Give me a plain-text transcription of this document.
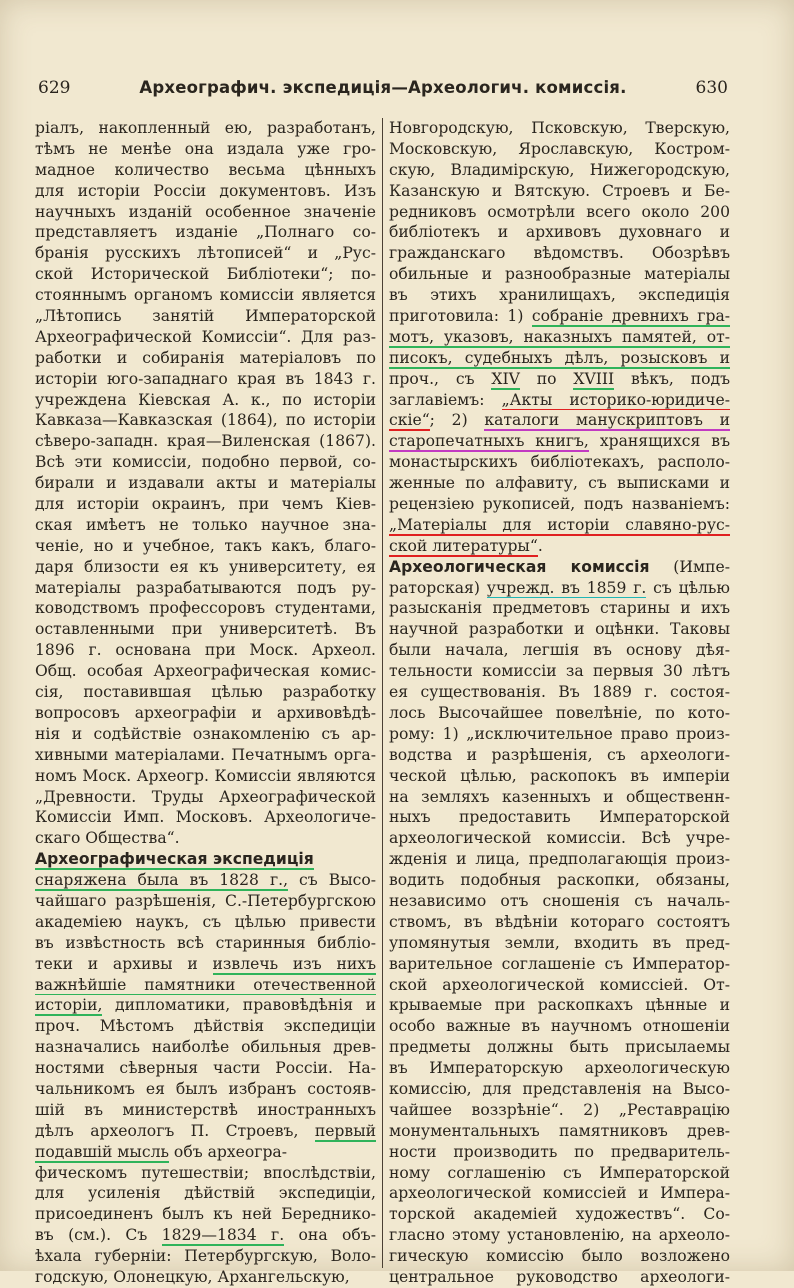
629	Археографич. экспедиція—Археологич. комиссія.	630
ріалъ, накопленный ею, разработанъ,
тѣмъ не менѣе она издала уже гро-
мадное количество весьма цѣнныхъ
для исторіи Россіи документовъ. Изъ
научныхъ изданій особенное значеніе
представляетъ изданіе „Полнаго со-
бранія русскихъ лѣтописей“ и „Рус-
ской Исторической Библіотеки“; по-
стояннымъ органомъ комиссіи является
„Лѣтопись занятій Императорской
Археографической Комиссіи“. Для раз-
работки и собиранія матеріаловъ по
исторіи юго-западнаго края въ 1843 г.
учреждена Кіевская А. к., по исторіи
Кавказа—Кавказская (1864), по исторіи
сѣверо-западн. края—Виленская (1867).
Всѣ эти комиссіи, подобно первой, со-
бирали и издавали акты и матеріалы
для исторіи окраинъ, при чемъ Кіев-
ская имѣетъ не только научное зна-
ченіе, но и учебное, такъ какъ, благо-
даря близости ея къ университету, ея
матеріалы разрабатываются подъ ру-
ководствомъ профессоровъ студентами,
оставленными при университетѣ. Въ
1896 г. основана при Моск. Археол.
Общ. особая Археографическая комис-
сія, поставившая цѣлью разработку
вопросовъ археографіи и архивовѣдѣ-
нія и содѣйствіе ознакомленію съ ар-
хивными матеріалами. Печатнымъ орга-
номъ Моск. Археогр. Комиссіи являются
„Древности. Труды Археографической
Комиссіи Имп. Московъ. Археологиче-
скаго Общества“.
Археографическая экспедиція
снаряжена была въ 1828 г., съ Высо-
чайшаго разрѣшенія, С.-Петербургскою
академіею наукъ, съ цѣлью привести
въ извѣстность всѣ старинныя библіо-
теки и архивы и извлечь изъ нихъ
важнѣйшіе памятники отечественной
исторіи, дипломатики, правовѣдѣнія и
проч. Мѣстомъ дѣйствія экспедиціи
назначались наиболѣе обильныя древ-
ностями сѣверныя части Россіи. На-
чальникомъ ея былъ избранъ состояв-
шій въ министерствѣ иностранныхъ
дѣлъ археологъ П. Строевъ, первый
подавшій мысль объ археогра-
фическомъ путешествіи; впослѣдствіи,
для усиленія дѣйствій экспедиціи,
присоединенъ былъ къ ней Береднико-
въ (см.). Съ 1829—1834 г. она объ-
ѣхала губерніи: Петербургскую, Воло-
годскую, Олонецкую, Архангельскую,
Новгородскую, Псковскую, Тверскую,
Московскую, Ярославскую, Костром-
скую, Владимірскую, Нижегородскую,
Казанскую и Вятскую. Строевъ и Бе-
редниковъ осмотрѣли всего около 200
библіотекъ и архивовъ духовнаго и
гражданскаго вѣдомствъ. Обозрѣвъ
обильные и разнообразные матеріалы
въ этихъ хранилищахъ, экспедиція
приготовила: 1) собраніе древнихъ гра-
мотъ, указовъ, наказныхъ памятей, от-
писокъ, судебныхъ дѣлъ, розысковъ и
проч., съ XIV по XVIII вѣкъ, подъ
заглавіемъ: „Акты историко-юридиче-
скіе“; 2) каталоги манускриптовъ и
старопечатныхъ книгъ, хранящихся въ
монастырскихъ библіотекахъ, располо-
женные по алфавиту, съ выписками и
рецензіею рукописей, подъ названіемъ:
„Матеріалы для исторіи славяно-рус-
ской литературы“.
Археологическая комиссія (Импе-
раторская) учрежд. въ 1859 г. съ цѣлью
разысканія предметовъ старины и ихъ
научной разработки и оцѣнки. Таковы
были начала, легшія въ основу дѣя-
тельности комиссіи за первыя 30 лѣтъ
ея существованія. Въ 1889 г. состоя-
лось Высочайшее повелѣніе, по кото-
рому: 1) „исключительное право произ-
водства и разрѣшенія, съ археологи-
ческой цѣлью, раскопокъ въ имперіи
на земляхъ казенныхъ и общественн-
ныхъ предоставить Императорской
археологической комиссіи. Всѣ учре-
жденія и лица, предполагающія произ-
водить подобныя раскопки, обязаны,
независимо отъ сношенія съ началь-
ствомъ, въ вѣдѣніи котораго состоятъ
упомянутыя земли, входить въ пред-
варительное соглашеніе съ Император-
ской археологической комиссіей. От-
крываемые при раскопкахъ цѣнные и
особо важные въ научномъ отношеніи
предметы должны быть присылаемы
въ Императорскую археологическую
комиссію, для представленія на Высо-
чайшее воззрѣніе“. 2) „Реставрацію
монументальныхъ памятниковъ древ-
ности производить по предваритель-
ному соглашенію съ Императорской
археологической комиссіей и Импера-
торской академіей художествъ“. Со-
гласно этому установленію, на археоло-
гическую комиссію было возложено
центральное руководство археологи-
